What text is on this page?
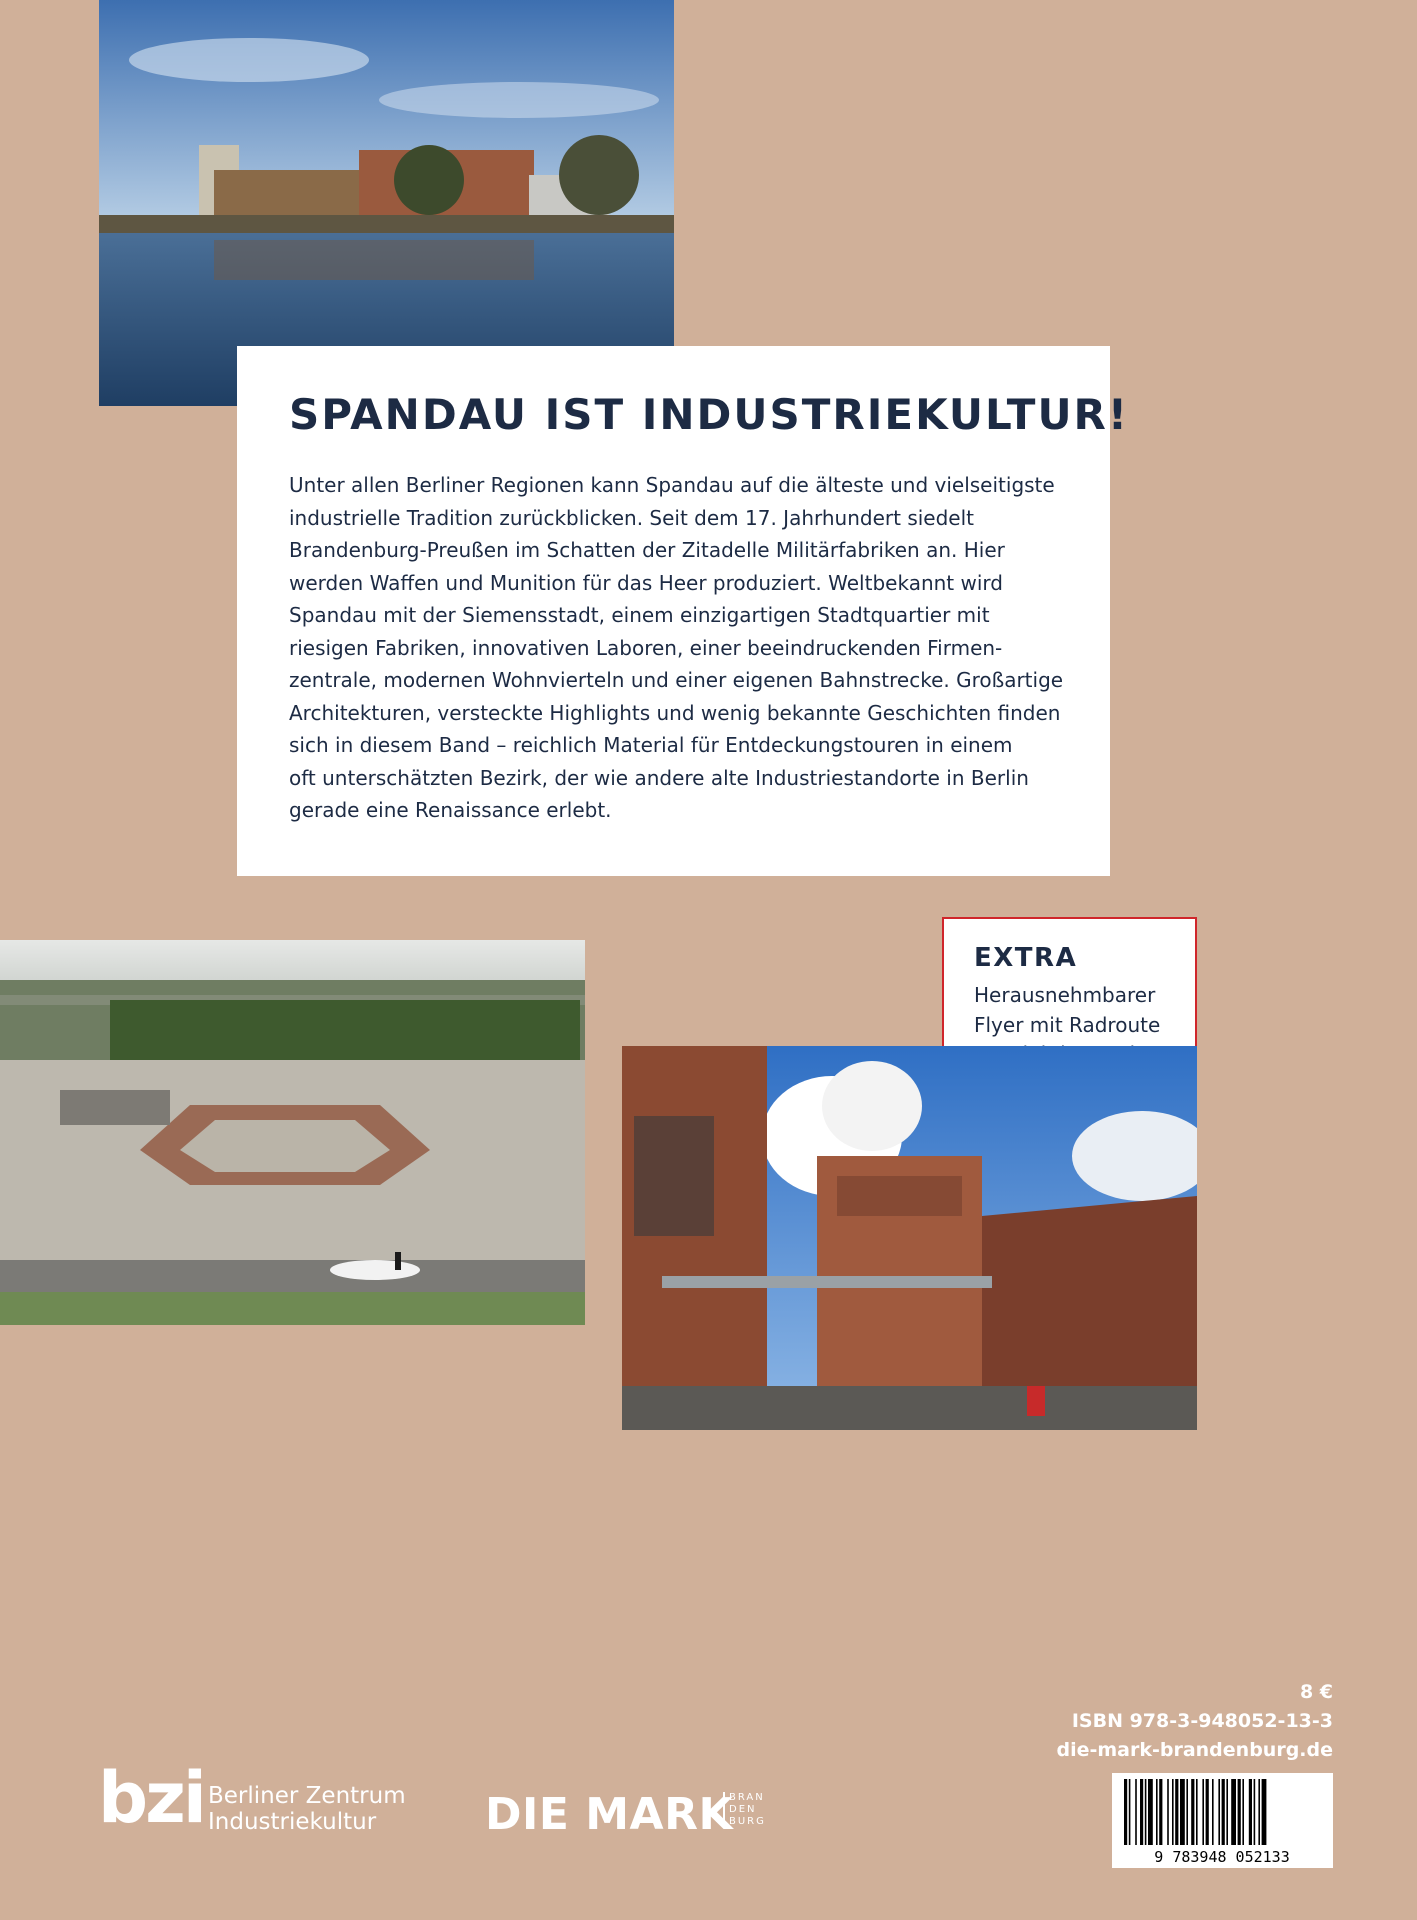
SPANDAU IST INDUSTRIEKULTUR!

Unter allen Berliner Regionen kann Spandau auf die älteste und vielseitigste
industrielle Tradition zurückblicken. Seit dem 17. Jahrhundert siedelt
Brandenburg-Preußen im Schatten der Zitadelle Militärfabriken an. Hier
werden Waffen und Munition für das Heer produziert. Weltbekannt wird
Spandau mit der Siemensstadt, einem einzigartigen Stadtquartier mit
riesigen Fabriken, innovativen Laboren, einer beeindruckenden Firmen-
zentrale, modernen Wohnvierteln und einer eigenen Bahnstrecke. Großartige
Architekturen, versteckte Highlights und wenig bekannte Geschichten finden
sich in diesem Band – reichlich Material für Entdeckungstouren in einem
oft unterschätzten Bezirk, der wie andere alte Industriestandorte in Berlin
gerade eine Renaissance erlebt.

EXTRA
Herausnehmbarer
Flyer mit Radroute
8 €
ISBN 978-3-948052-13-3
die-mark-brandenburg.de
9 783948 052133
bzi Berliner Zentrum
Industriekultur	DIE MARK
BRAN
DEN
BURG
